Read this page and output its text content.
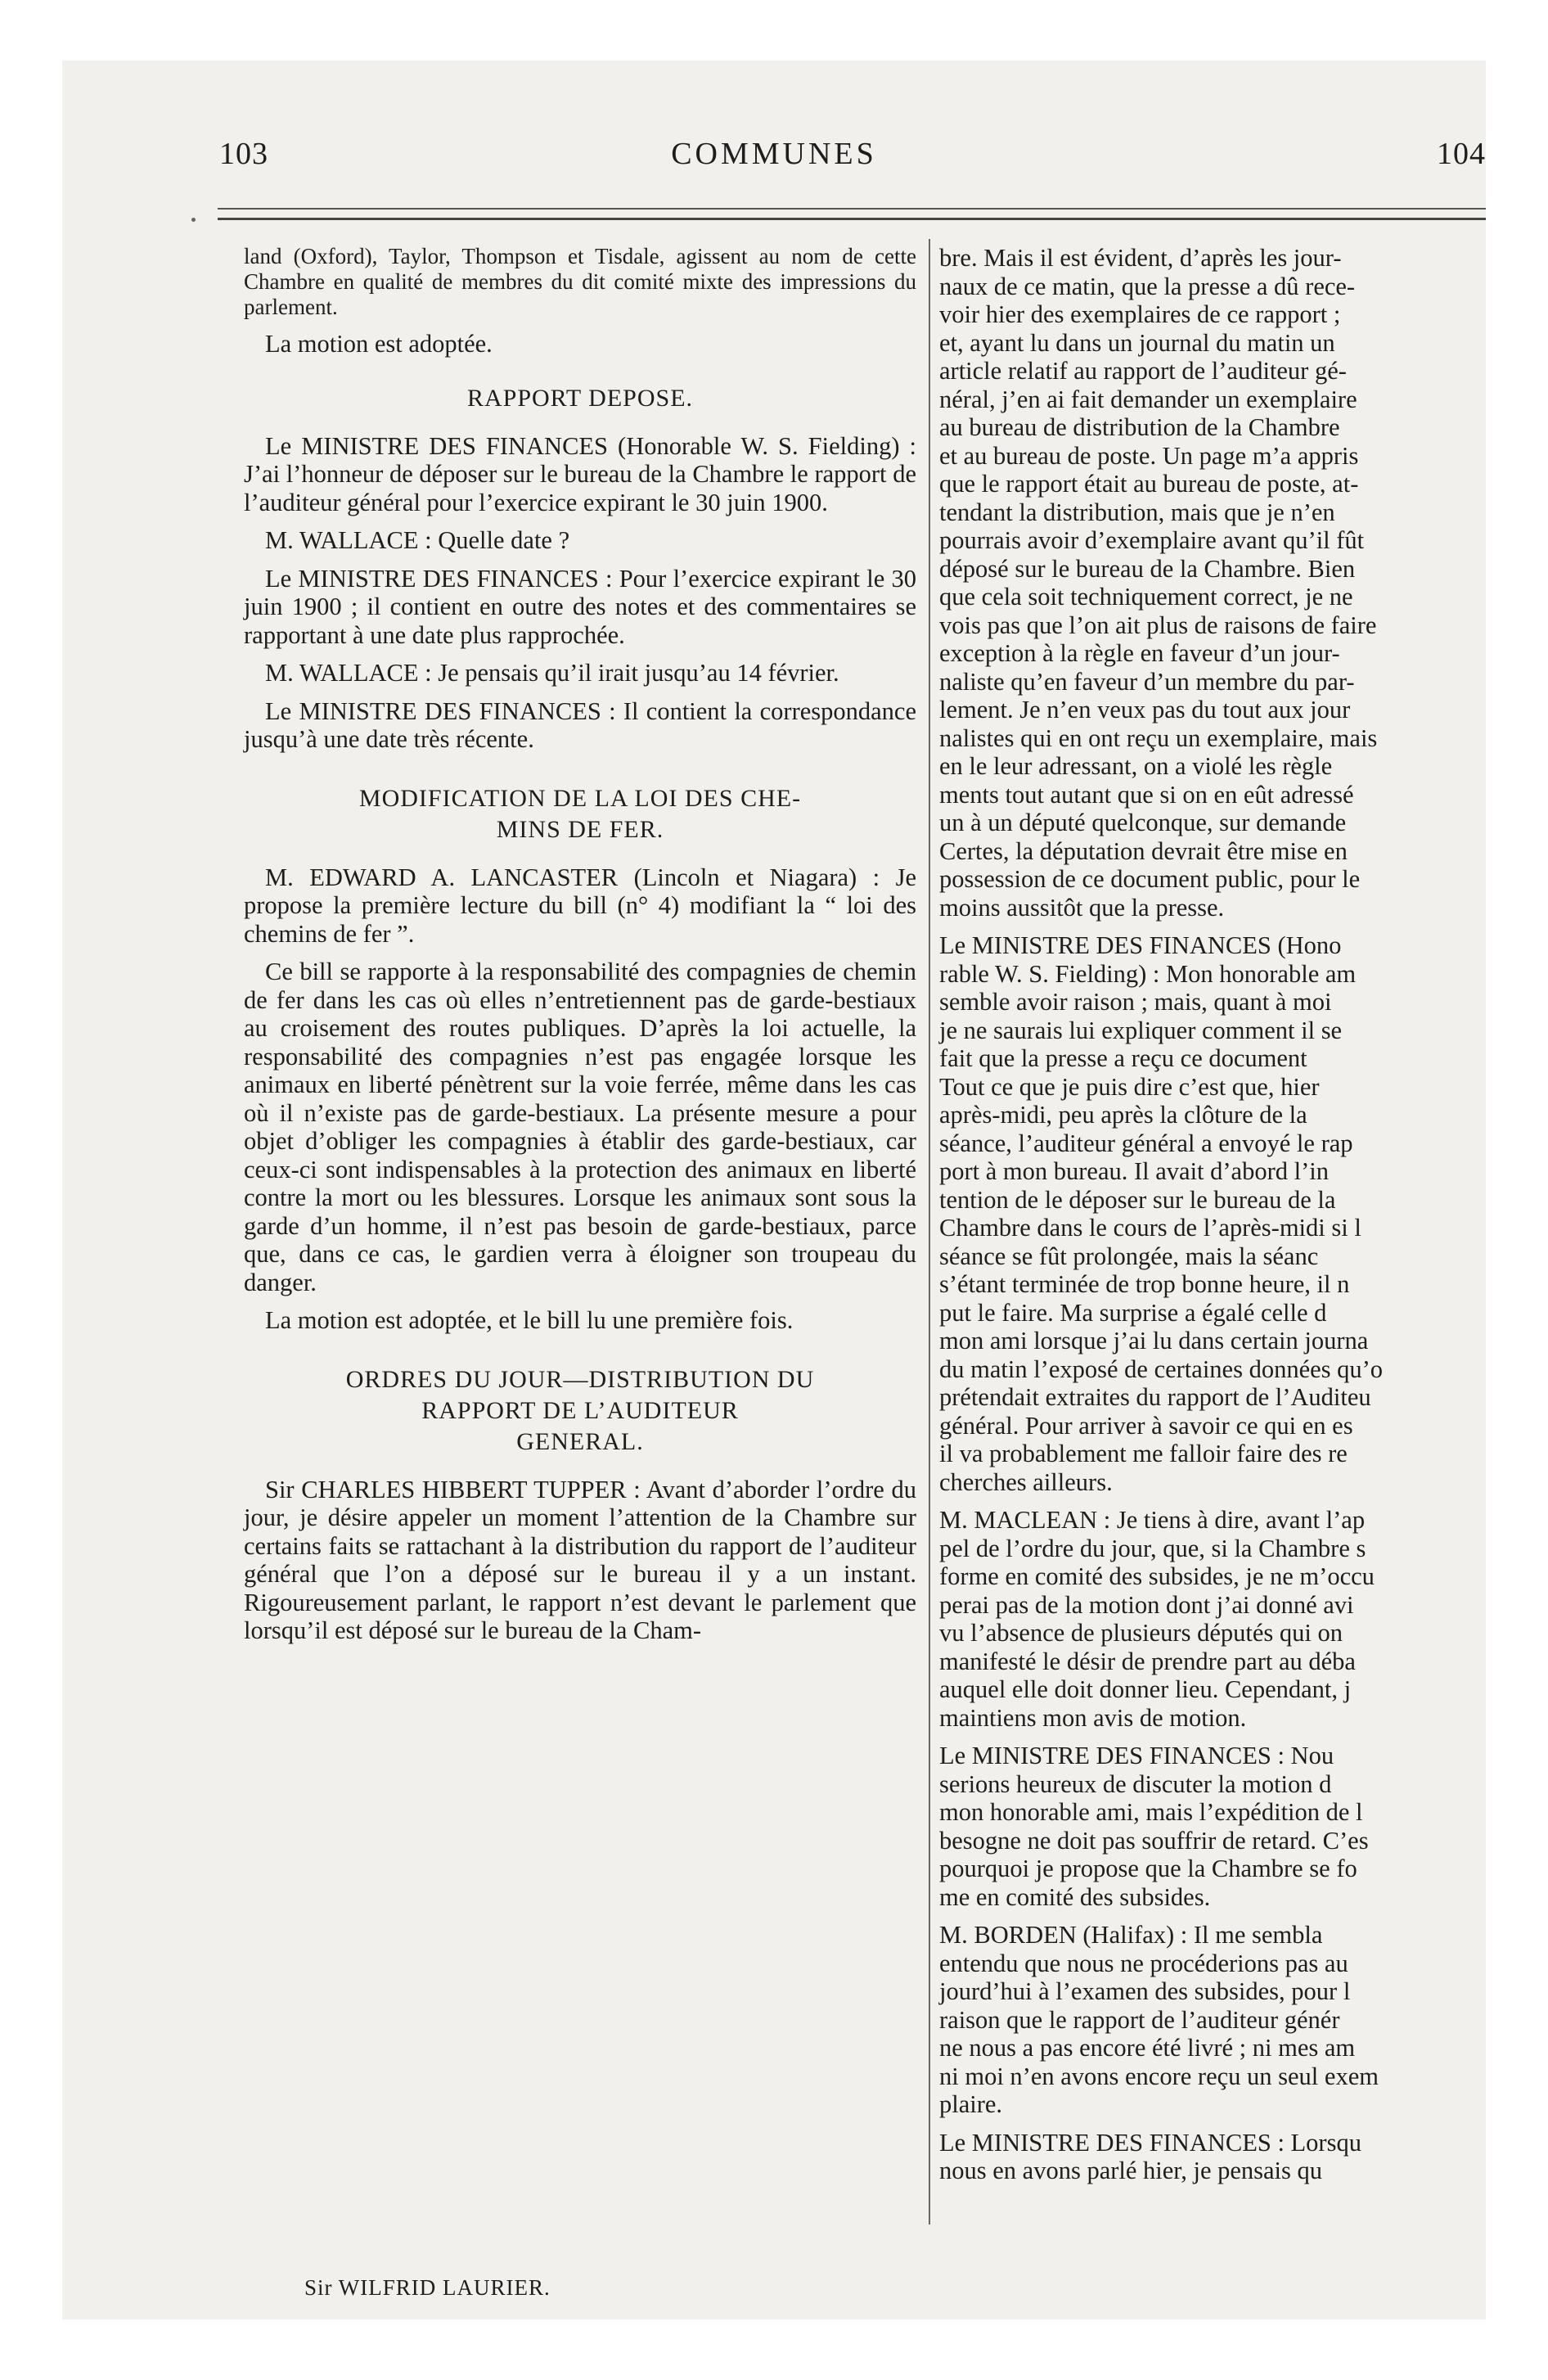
103	COMMUNES	104

land (Oxford), Taylor, Thompson et Tisdale, agissent au nom de cette Chambre en qualité de membres du dit comité mixte des impressions du parlement.

La motion est adoptée.

RAPPORT DEPOSE.

Le MINISTRE DES FINANCES (Honorable W. S. Fielding) : J’ai l’honneur de déposer sur le bureau de la Chambre le rapport de l’auditeur général pour l’exercice expirant le 30 juin 1900.

M. WALLACE : Quelle date ?

Le MINISTRE DES FINANCES : Pour l’exercice expirant le 30 juin 1900 ; il contient en outre des notes et des commentaires se rapportant à une date plus rapprochée.

M. WALLACE : Je pensais qu’il irait jusqu’au 14 février.

Le MINISTRE DES FINANCES : Il contient la correspondance jusqu’à une date très récente.

MODIFICATION DE LA LOI DES CHE-
MINS DE FER.

M. EDWARD A. LANCASTER (Lincoln et Niagara) : Je propose la première lecture du bill (n° 4) modifiant la “ loi des chemins de fer ”.

Ce bill se rapporte à la responsabilité des compagnies de chemin de fer dans les cas où elles n’entretiennent pas de garde-bestiaux au croisement des routes publiques. D’après la loi actuelle, la responsabilité des compagnies n’est pas engagée lorsque les animaux en liberté pénètrent sur la voie ferrée, même dans les cas où il n’existe pas de garde-bestiaux. La présente mesure a pour objet d’obliger les compagnies à établir des garde-bestiaux, car ceux-ci sont indispensables à la protection des animaux en liberté contre la mort ou les blessures. Lorsque les animaux sont sous la garde d’un homme, il n’est pas besoin de garde-bestiaux, parce que, dans ce cas, le gardien verra à éloigner son troupeau du danger.

La motion est adoptée, et le bill lu une première fois.

ORDRES DU JOUR—DISTRIBUTION DU
RAPPORT DE L’AUDITEUR
GENERAL.

Sir CHARLES HIBBERT TUPPER : Avant d’aborder l’ordre du jour, je désire appeler un moment l’attention de la Chambre sur certains faits se rattachant à la distribution du rapport de l’auditeur général que l’on a déposé sur le bureau il y a un instant. Rigoureusement parlant, le rapport n’est devant le parlement que lorsqu’il est déposé sur le bureau de la Cham-

bre. Mais il est évident, d’après les jour-
naux de ce matin, que la presse a dû rece-
voir hier des exemplaires de ce rapport ;
et, ayant lu dans un journal du matin un
article relatif au rapport de l’auditeur gé-
néral, j’en ai fait demander un exemplaire
au bureau de distribution de la Chambre
et au bureau de poste. Un page m’a appris
que le rapport était au bureau de poste, at-
tendant la distribution, mais que je n’en
pourrais avoir d’exemplaire avant qu’il fût
déposé sur le bureau de la Chambre. Bien
que cela soit techniquement correct, je ne
vois pas que l’on ait plus de raisons de faire
exception à la règle en faveur d’un jour-
naliste qu’en faveur d’un membre du par-
lement. Je n’en veux pas du tout aux jour
nalistes qui en ont reçu un exemplaire, mais
en le leur adressant, on a violé les règle
ments tout autant que si on en eût adressé
un à un député quelconque, sur demande
Certes, la députation devrait être mise en
possession de ce document public, pour le
moins aussitôt que la presse.
Le MINISTRE DES FINANCES (Hono
rable W. S. Fielding) : Mon honorable am
semble avoir raison ; mais, quant à moi
je ne saurais lui expliquer comment il se
fait que la presse a reçu ce document
Tout ce que je puis dire c’est que, hier
après-midi, peu après la clôture de la
séance, l’auditeur général a envoyé le rap
port à mon bureau. Il avait d’abord l’in
tention de le déposer sur le bureau de la
Chambre dans le cours de l’après-midi si l
séance se fût prolongée, mais la séanc
s’étant terminée de trop bonne heure, il n
put le faire. Ma surprise a égalé celle d
mon ami lorsque j’ai lu dans certain journa
du matin l’exposé de certaines données qu’o
prétendait extraites du rapport de l’Auditeu
général. Pour arriver à savoir ce qui en es
il va probablement me falloir faire des re
cherches ailleurs.
M. MACLEAN : Je tiens à dire, avant l’ap
pel de l’ordre du jour, que, si la Chambre s
forme en comité des subsides, je ne m’occu
perai pas de la motion dont j’ai donné avi
vu l’absence de plusieurs députés qui on
manifesté le désir de prendre part au déba
auquel elle doit donner lieu. Cependant, j
maintiens mon avis de motion.
Le MINISTRE DES FINANCES : Nou
serions heureux de discuter la motion d
mon honorable ami, mais l’expédition de l
besogne ne doit pas souffrir de retard. C’es
pourquoi je propose que la Chambre se fo
me en comité des subsides.
M. BORDEN (Halifax) : Il me sembla
entendu que nous ne procéderions pas au
jourd’hui à l’examen des subsides, pour l
raison que le rapport de l’auditeur génér
ne nous a pas encore été livré ; ni mes am
ni moi n’en avons encore reçu un seul exem
plaire.
Le MINISTRE DES FINANCES : Lorsqu
nous en avons parlé hier, je pensais qu
Sir WILFRID LAURIER.
